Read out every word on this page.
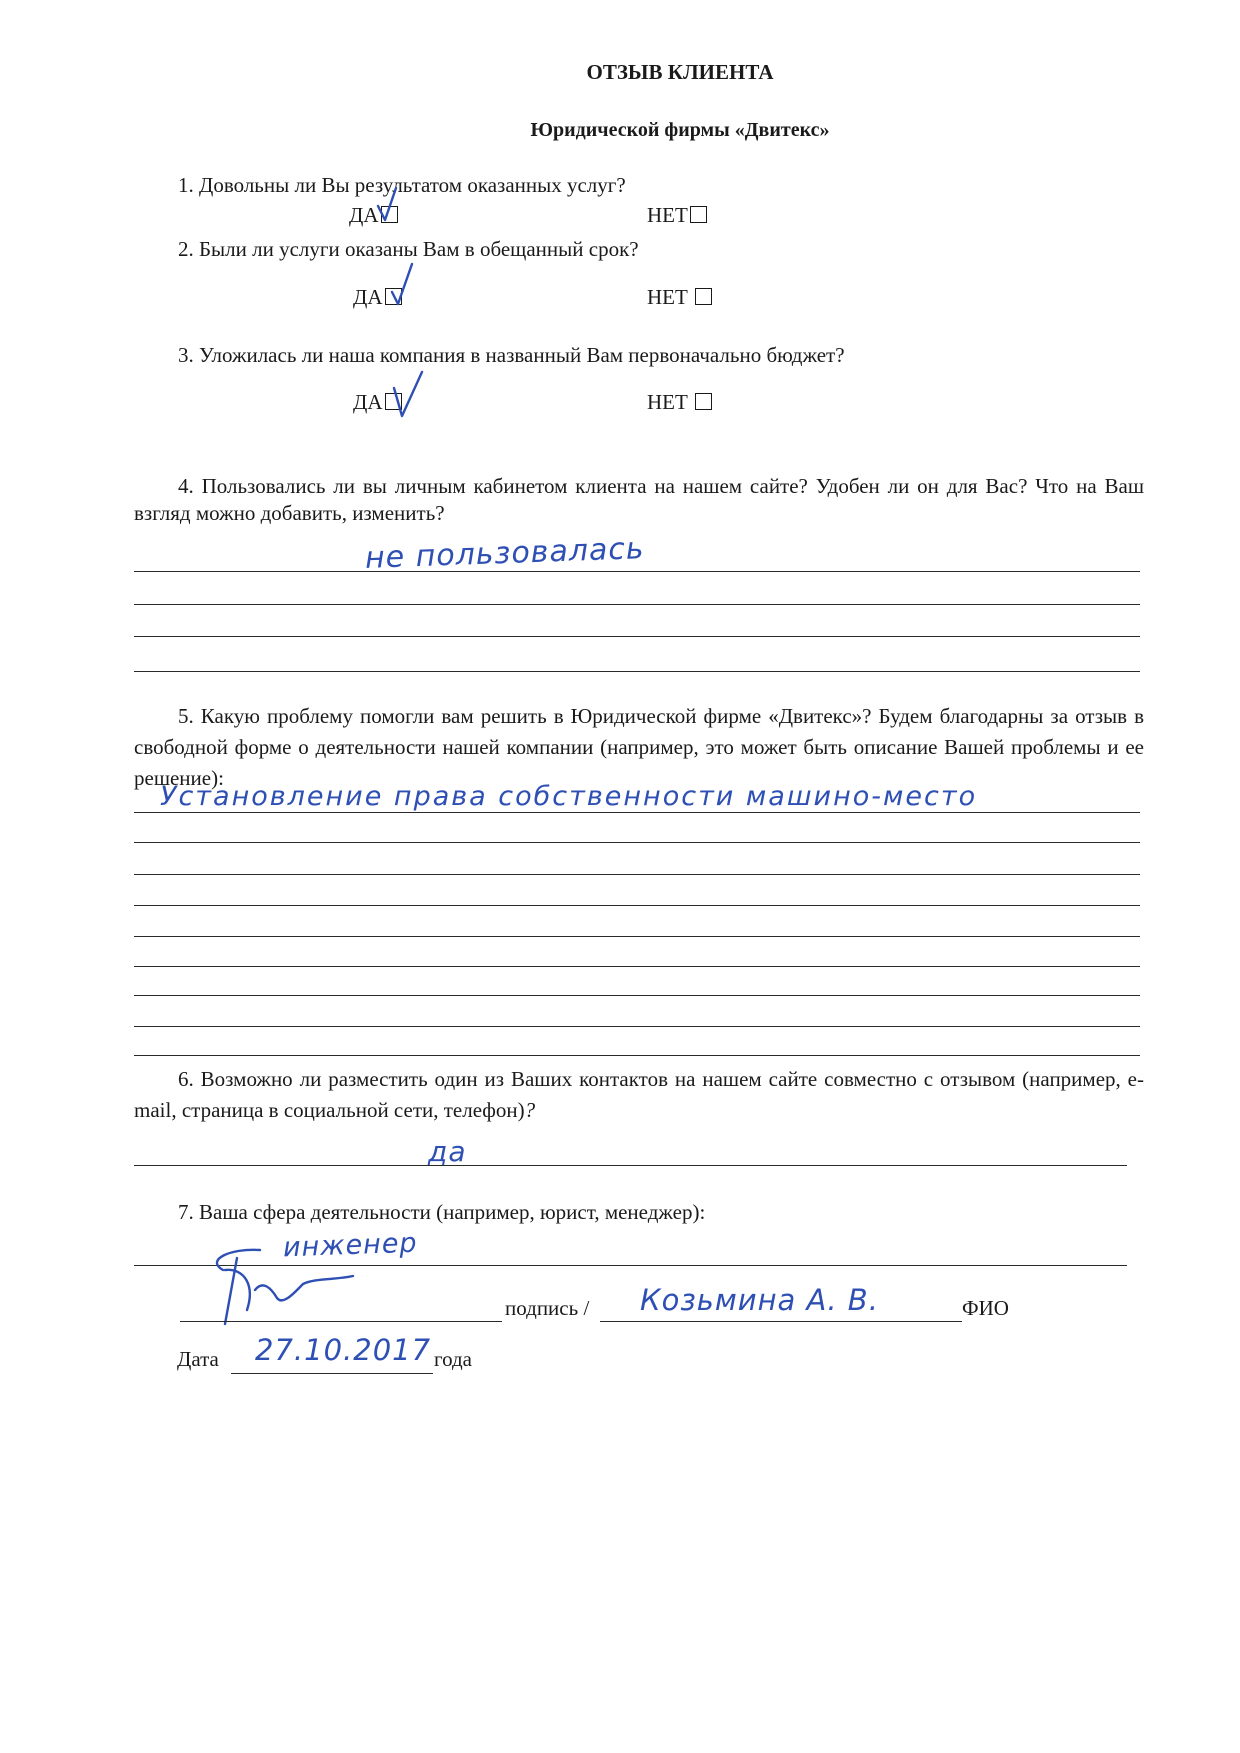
ОТЗЫВ КЛИЕНТА
Юридической фирмы «Двитекс»
1. Довольны ли Вы результатом оказанных услуг?
ДА	НЕТ
2. Были ли услуги оказаны Вам в обещанный срок?
ДА	НЕТ
3. Уложилась ли наша компания в названный Вам первоначально бюджет?
ДА	НЕТ
4. Пользовались ли вы личным кабинетом клиента на нашем сайте? Удобен ли он для Вас? Что на Ваш взгляд можно добавить, изменить?
не пользовалась
5. Какую проблему помогли вам решить в Юридической фирме «Двитекс»? Будем благодарны за отзыв в свободной форме о деятельности нашей компании (например, это может быть описание Вашей проблемы и ее решение):
Установление права собственности машино-место
6. Возможно ли разместить один из Ваших контактов на нашем сайте совместно с отзывом (например, e-mail, страница в социальной сети, телефон)?
да
7. Ваша сфера деятельности (например, юрист, менеджер):
инженер
подпись / Козьмина А. В.	ФИО
Дата 27.10.2017 года
